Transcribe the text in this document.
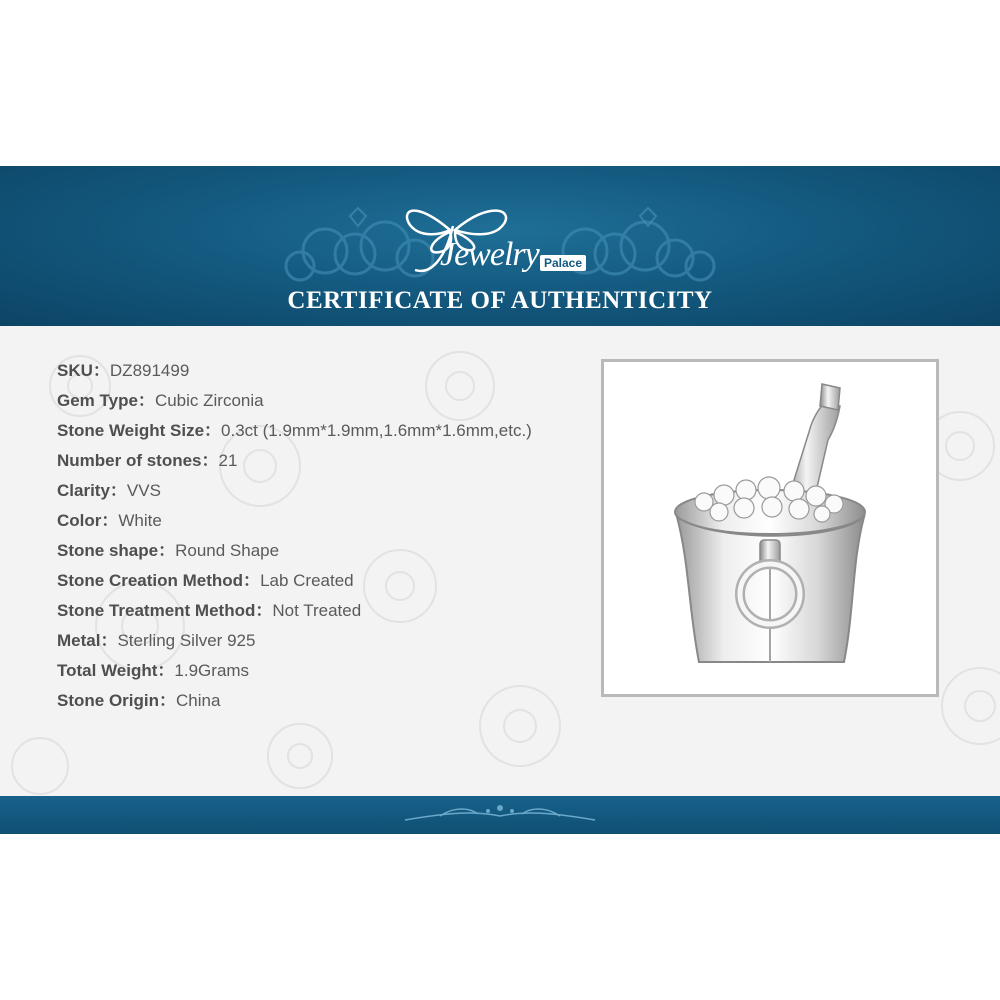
Jewelry Palace
CERTIFICATE OF AUTHENTICITY
SKU：DZ891499
Gem Type：Cubic Zirconia
Stone Weight Size：0.3ct (1.9mm*1.9mm,1.6mm*1.6mm,etc.)
Number of stones：21
Clarity：VVS
Color：White
Stone shape：Round Shape
Stone Creation Method：Lab Created
Stone Treatment Method：Not Treated
Metal：Sterling Silver 925
Total Weight：1.9Grams
Stone Origin：China
